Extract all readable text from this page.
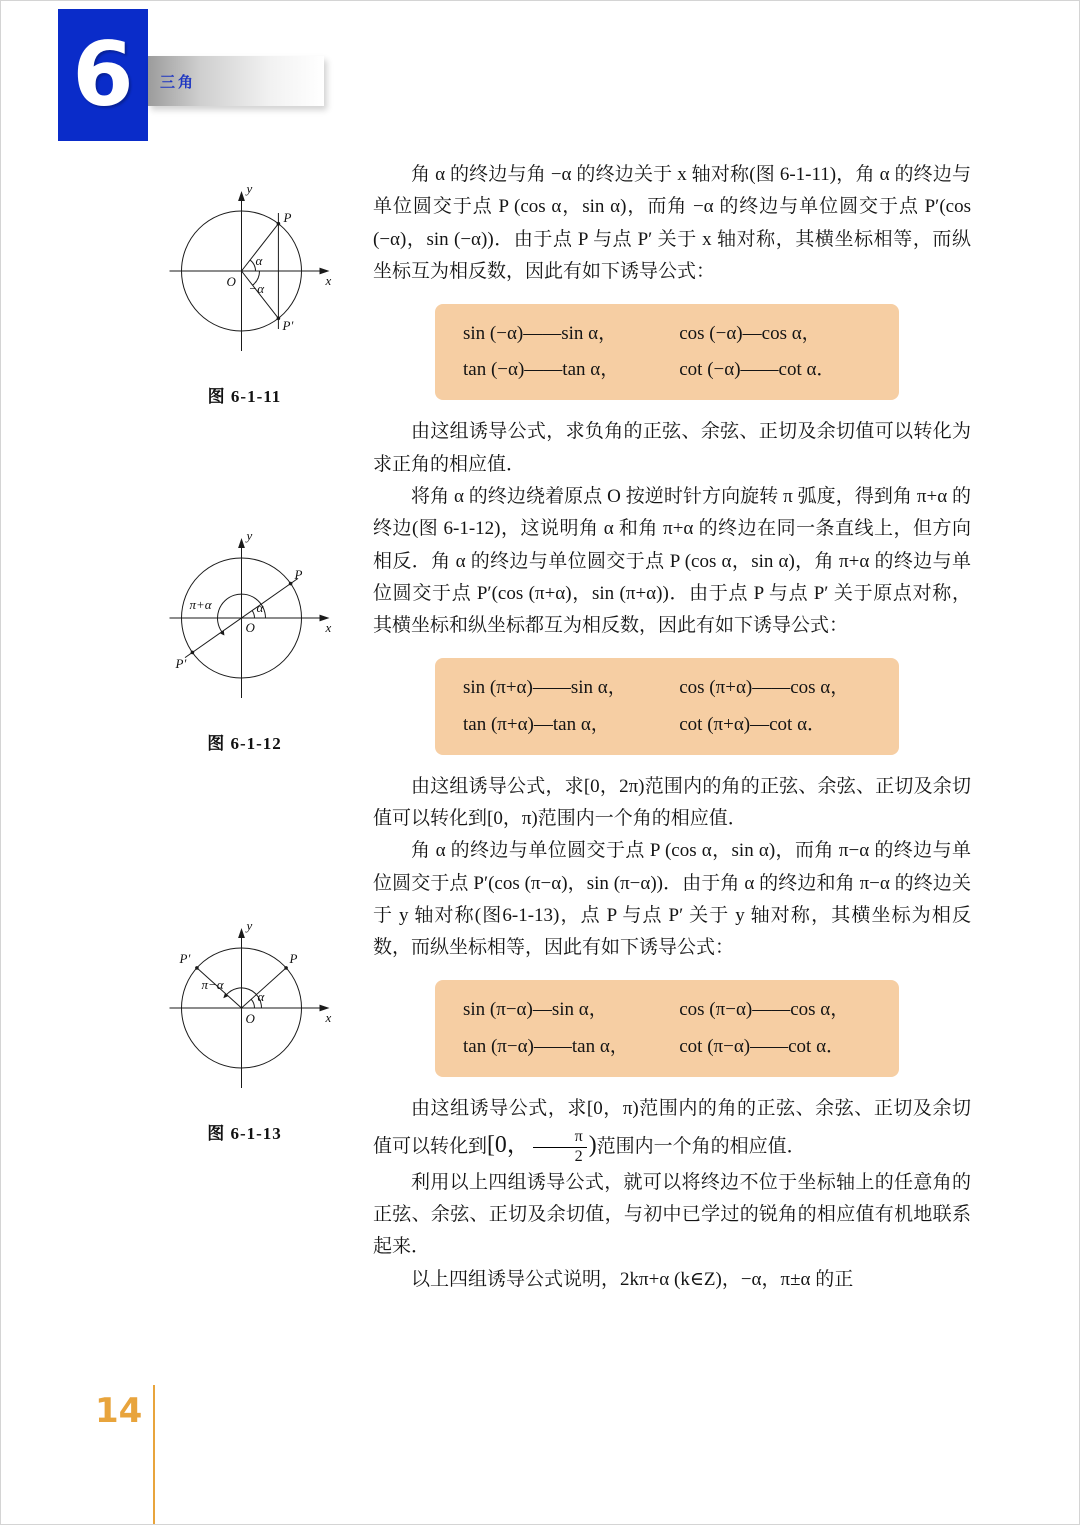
6 三角
y
x
O
P
P′
α
−α
图 6-1-11
y
x
O
P
P′
π+α	α
图 6-1-12
y
x
O
P
P′
π−α
α
图 6-1-13

角 α 的终边与角 −α 的终边关于 x 轴对称(图 6-1-11)，角 α 的终边与单位圆交于点 P (cos α，sin α)，而角 −α 的终边与单位圆交于点 P′(cos (−α)，sin (−α))．由于点 P 与点 P′ 关于 x 轴对称，其横坐标相等，而纵坐标互为相反数，因此有如下诱导公式：

sin (−α)——sin α，	cos (−α)—cos α，
tan (−α)——tan α，	cot (−α)——cot α．

由这组诱导公式，求负角的正弦、余弦、正切及余切值可以转化为求正角的相应值．

将角 α 的终边绕着原点 O 按逆时针方向旋转 π 弧度，得到角 π+α 的终边(图 6-1-12)，这说明角 α 和角 π+α 的终边在同一条直线上，但方向相反．角 α 的终边与单位圆交于点 P (cos α，sin α)，角 π+α 的终边与单位圆交于点 P′(cos (π+α)，sin (π+α))．由于点 P 与点 P′ 关于原点对称，其横坐标和纵坐标都互为相反数，因此有如下诱导公式：

sin (π+α)——sin α，	cos (π+α)——cos α，
tan (π+α)—tan α，	cot (π+α)—cot α．

由这组诱导公式，求[0，2π)范围内的角的正弦、余弦、正切及余切值可以转化到[0，π)范围内一个角的相应值．

角 α 的终边与单位圆交于点 P (cos α，sin α)，而角 π−α 的终边与单位圆交于点 P′(cos (π−α)，sin (π−α))．由于角 α 的终边和角 π−α 的终边关于 y 轴对称(图6-1-13)，点 P 与点 P′ 关于 y 轴对称，其横坐标为相反数，而纵坐标相等，因此有如下诱导公式：

sin (π−α)—sin α，	cos (π−α)——cos α，
tan (π−α)——tan α，	cot (π−α)——cot α．

由这组诱导公式，求[0，π)范围内的角的正弦、余弦、正切及余切值可以转化到[0， $\frac{\pi}{2}$ )范围内一个角的相应值．

利用以上四组诱导公式，就可以将终边不位于坐标轴上的任意角的正弦、余弦、正切及余切值，与初中已学过的锐角的相应值有机地联系起来．

以上四组诱导公式说明，2kπ+α (k∈Z)，−α，π±α 的正

14
